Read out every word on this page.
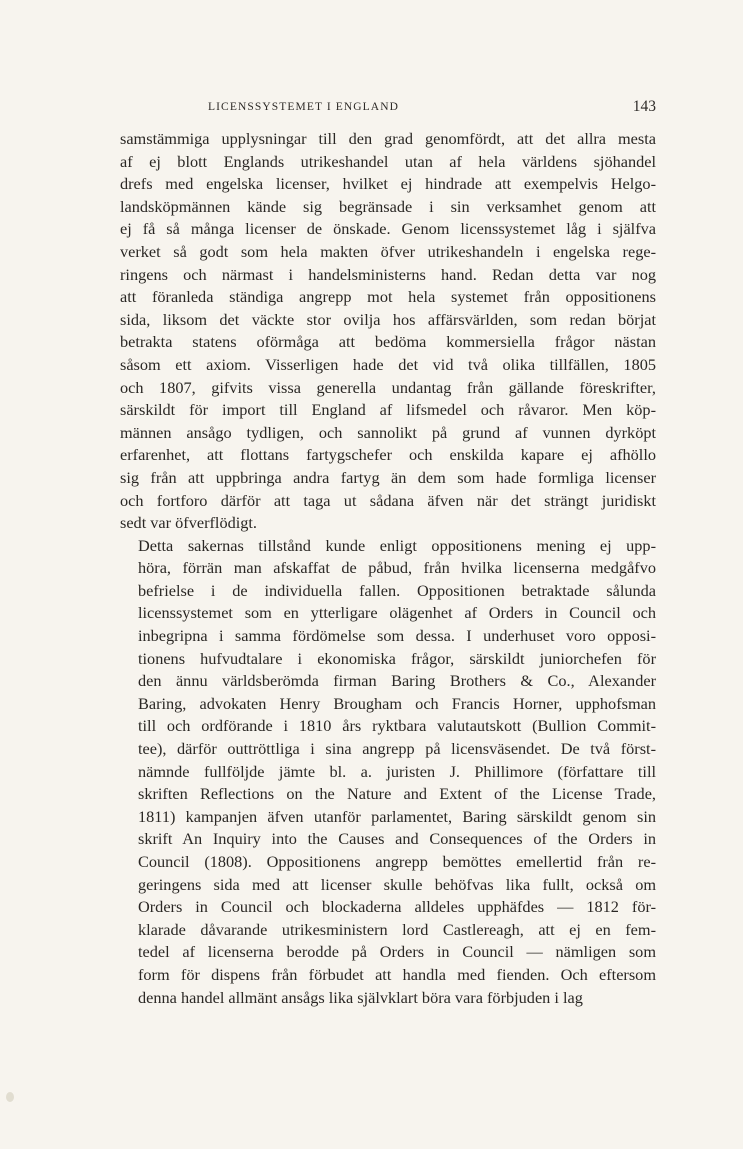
LICENSSYSTEMET I ENGLAND	143

samstämmiga upplysningar till den grad genomfördt, att det allra mesta
af ej blott Englands utrikeshandel utan af hela världens sjöhandel
drefs med engelska licenser, hvilket ej hindrade att exempelvis Helgo-
landsköpmännen kände sig begränsade i sin verksamhet genom att
ej få så många licenser de önskade. Genom licenssystemet låg i själfva
verket så godt som hela makten öfver utrikeshandeln i engelska rege-
ringens och närmast i handelsministerns hand. Redan detta var nog
att föranleda ständiga angrepp mot hela systemet från oppositionens
sida, liksom det väckte stor ovilja hos affärsvärlden, som redan börjat
betrakta statens oförmåga att bedöma kommersiella frågor nästan
såsom ett axiom. Visserligen hade det vid två olika tillfällen, 1805
och 1807, gifvits vissa generella undantag från gällande föreskrifter,
särskildt för import till England af lifsmedel och råvaror. Men köp-
männen ansågo tydligen, och sannolikt på grund af vunnen dyrköpt
erfarenhet, att flottans fartygschefer och enskilda kapare ej afhöllo
sig från att uppbringa andra fartyg än dem som hade formliga licenser
och fortforo därför att taga ut sådana äfven när det strängt juridiskt
sedt var öfverflödigt.

Detta sakernas tillstånd kunde enligt oppositionens mening ej upp-
höra, förrän man afskaffat de påbud, från hvilka licenserna medgåfvo
befrielse i de individuella fallen. Oppositionen betraktade sålunda
licenssystemet som en ytterligare olägenhet af Orders in Council och
inbegripna i samma fördömelse som dessa. I underhuset voro opposi-
tionens hufvudtalare i ekonomiska frågor, särskildt juniorchefen för
den ännu världsberömda firman Baring Brothers & Co., Alexander
Baring, advokaten Henry Brougham och Francis Horner, upphofsman
till och ordförande i 1810 års ryktbara valutautskott (Bullion Commit-
tee), därför outtröttliga i sina angrepp på licensväsendet. De två först-
nämnde fullföljde jämte bl. a. juristen J. Phillimore (författare till
skriften Reflections on the Nature and Extent of the License Trade,
1811) kampanjen äfven utanför parlamentet, Baring särskildt genom sin
skrift An Inquiry into the Causes and Consequences of the Orders in
Council (1808). Oppositionens angrepp bemöttes emellertid från re-
geringens sida med att licenser skulle behöfvas lika fullt, också om
Orders in Council och blockaderna alldeles upphäfdes — 1812 för-
klarade dåvarande utrikesministern lord Castlereagh, att ej en fem-
tedel af licenserna berodde på Orders in Council — nämligen som
form för dispens från förbudet att handla med fienden. Och eftersom
denna handel allmänt ansågs lika självklart böra vara förbjuden i lag
